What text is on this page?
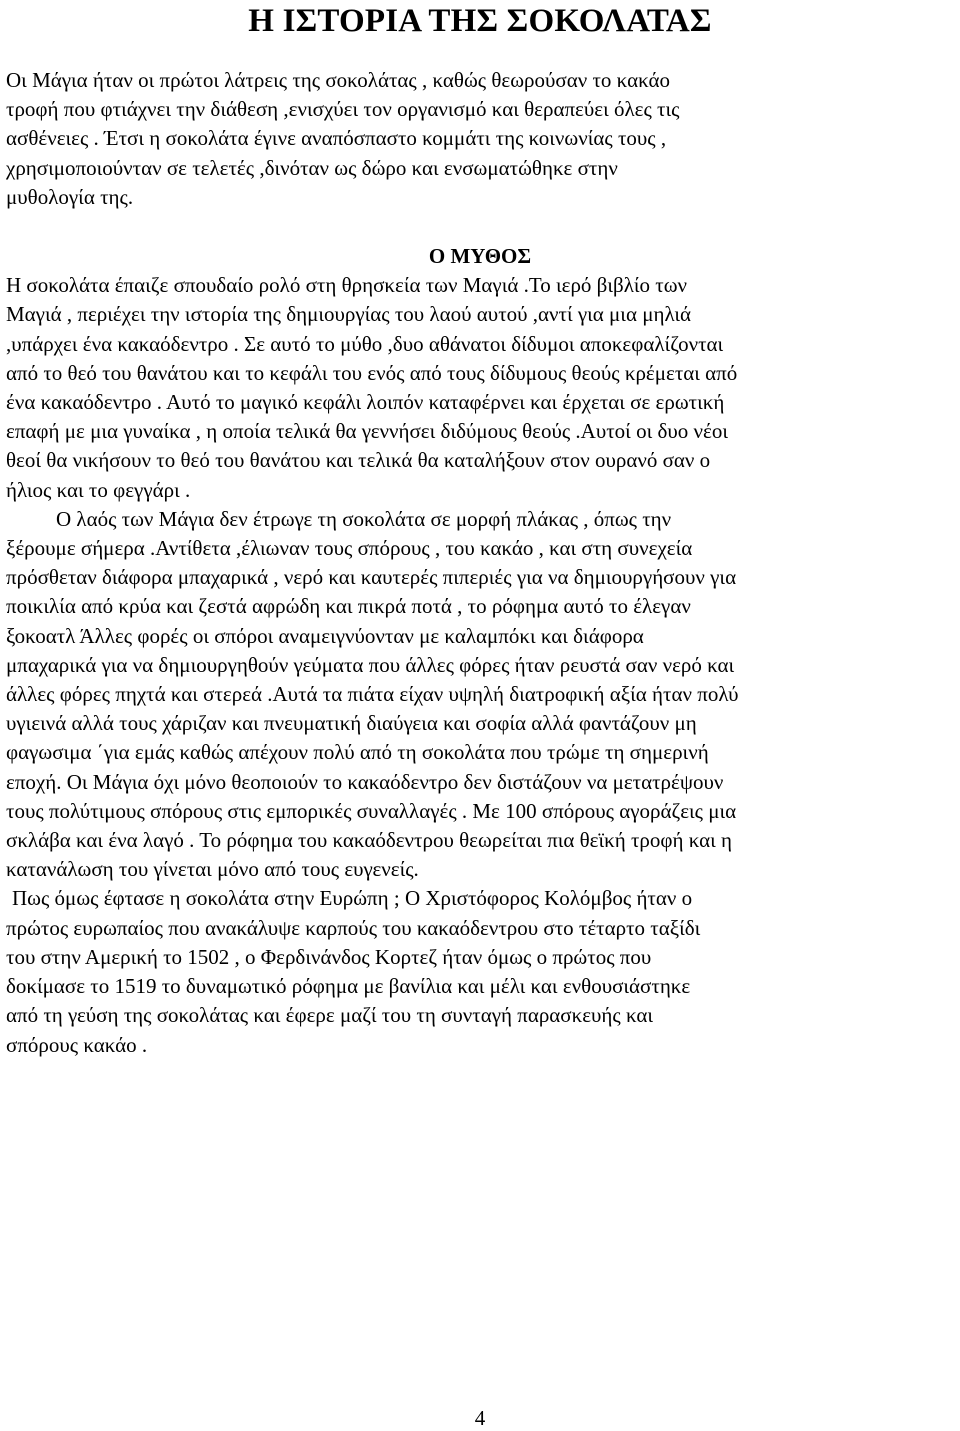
Η ΙΣΤΟΡΙΑ ΤΗΣ ΣΟΚΟΛΑΤΑΣ
Οι Μάγια ήταν οι πρώτοι λάτρεις της σοκολάτας , καθώς θεωρούσαν το κακάο
τροφή που φτιάχνει την διάθεση ,ενισχύει τον οργανισμό και θεραπεύει όλες τις
ασθένειες . Έτσι η σοκολάτα έγινε αναπόσπαστο κομμάτι της κοινωνίας τους ,
χρησιμοποιούνταν σε τελετές ,δινόταν ως δώρο και ενσωματώθηκε στην
μυθολογία της.
Ο ΜΥΘΟΣ
Η σοκολάτα έπαιζε σπουδαίο ρολό στη θρησκεία των Μαγιά .Το ιερό βιβλίο των
Μαγιά , περιέχει την ιστορία της δημιουργίας του λαού αυτού ,αντί για μια μηλιά
,υπάρχει ένα κακαόδεντρο . Σε αυτό το μύθο ,δυο αθάνατοι δίδυμοι αποκεφαλίζονται
από το θεό του θανάτου και το κεφάλι του ενός από τους δίδυμους θεούς κρέμεται από
ένα κακαόδεντρο . Αυτό το μαγικό κεφάλι λοιπόν καταφέρνει και έρχεται σε ερωτική
επαφή με μια γυναίκα , η οποία τελικά θα γεννήσει διδύμους θεούς .Αυτοί οι δυο νέοι
θεοί θα νικήσουν το θεό του θανάτου και τελικά θα καταλήξουν στον ουρανό σαν ο
ήλιος και το φεγγάρι .
Ο λαός των Μάγια δεν έτρωγε τη σοκολάτα σε μορφή πλάκας , όπως την
ξέρουμε σήμερα .Αντίθετα ,έλιωναν τους σπόρους , του κακάο , και στη συνεχεία
πρόσθεταν διάφορα μπαχαρικά , νερό και καυτερές πιπεριές για να δημιουργήσουν για
ποικιλία από κρύα και ζεστά αφρώδη και πικρά ποτά , το ρόφημα αυτό το έλεγαν
ξοκοατλ Άλλες φορές οι σπόροι αναμειγνύονταν με καλαμπόκι και διάφορα
μπαχαρικά για να δημιουργηθούν γεύματα που άλλες φόρες ήταν ρευστά σαν νερό και
άλλες φόρες πηχτά και στερεά .Αυτά τα πιάτα είχαν υψηλή διατροφική αξία ήταν πολύ
υγιεινά αλλά τους χάριζαν και πνευματική διαύγεια και σοφία αλλά φαντάζουν μη
φαγωσιμα ΄για εμάς καθώς απέχουν πολύ από τη σοκολάτα που τρώμε τη σημερινή
εποχή. Οι Μάγια όχι μόνο θεοποιούν το κακαόδεντρο δεν διστάζουν να μετατρέψουν
τους πολύτιμους σπόρους στις εμπορικές συναλλαγές . Με 100 σπόρους αγοράζεις μια
σκλάβα και ένα λαγό . Το ρόφημα του κακαόδεντρου θεωρείται πια θεϊκή τροφή και η
κατανάλωση του γίνεται μόνο από τους ευγενείς.
Πως όμως έφτασε η σοκολάτα στην Ευρώπη ; Ο Χριστόφορος Κολόμβος ήταν ο
πρώτος ευρωπαίος που ανακάλυψε καρπούς του κακαόδεντρου στο τέταρτο ταξίδι
του στην Αμερική το 1502 , ο Φερδινάνδος Κορτεζ ήταν όμως ο πρώτος που
δοκίμασε το 1519 το δυναμωτικό ρόφημα με βανίλια και μέλι και ενθουσιάστηκε
από τη γεύση της σοκολάτας και έφερε μαζί του τη συνταγή παρασκευής και
σπόρους κακάο .
4
